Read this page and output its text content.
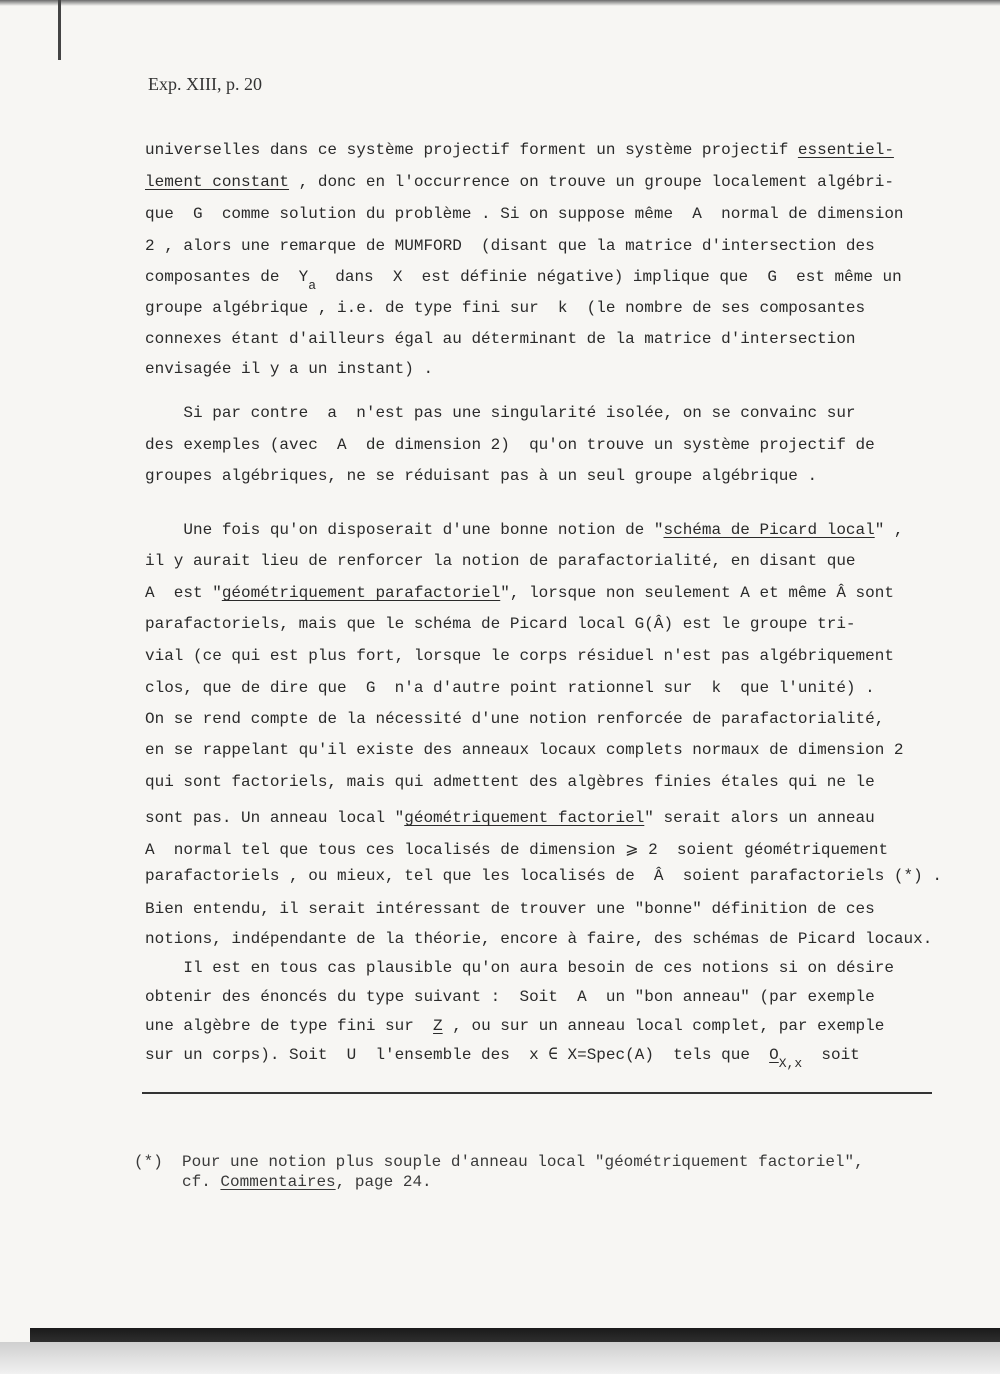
Exp. XIII, p. 20
universelles dans ce système projectif forment un système projectif essentiel-
lement constant , donc en l'occurrence on trouve un groupe localement algébri-
que  G  comme solution du problème . Si on suppose même  A  normal de dimension
2 , alors une remarque de MUMFORD  (disant que la matrice d'intersection des
composantes de  $Y_a$  dans  X  est définie négative) implique que  G  est même un
groupe algébrique , i.e. de type fini sur  k  (le nombre de ses composantes
connexes étant d'ailleurs égal au déterminant de la matrice d'intersection
envisagée il y a un instant) .
Si par contre  a  n'est pas une singularité isolée, on se convainc sur
des exemples (avec  A  de dimension 2)  qu'on trouve un système projectif de
groupes algébriques, ne se réduisant pas à un seul groupe algébrique .
Une fois qu'on disposerait d'une bonne notion de "schéma de Picard local" ,
il y aurait lieu de renforcer la notion de parafactorialité, en disant que
A  est "géométriquement parafactoriel", lorsque non seulement A et même Â sont
parafactoriels, mais que le schéma de Picard local G(Â) est le groupe tri-
vial (ce qui est plus fort, lorsque le corps résiduel n'est pas algébriquement
clos, que de dire que  G  n'a d'autre point rationnel sur  k  que l'unité) .
On se rend compte de la nécessité d'une notion renforcée de parafactorialité,
en se rappelant qu'il existe des anneaux locaux complets normaux de dimension 2
qui sont factoriels, mais qui admettent des algèbres finies étales qui ne le
sont pas. Un anneau local "géométriquement factoriel" serait alors un anneau
A  normal tel que tous ces localisés de dimension ⩾ 2  soient géométriquement
parafactoriels , ou mieux, tel que les localisés de  Â  soient parafactoriels (*) .
Bien entendu, il serait intéressant de trouver une "bonne" définition de ces
notions, indépendante de la théorie, encore à faire, des schémas de Picard locaux.
Il est en tous cas plausible qu'on aura besoin de ces notions si on désire
obtenir des énoncés du type suivant :  Soit  A  un "bon anneau" (par exemple
une algèbre de type fini sur  Z , ou sur un anneau local complet, par exemple
sur un corps). Soit  U  l'ensemble des  x ∈ X=Spec(A)  tels que  $O_{X,x}$  soit
(*)  Pour une notion plus souple d'anneau local "géométriquement factoriel",
cf. Commentaires, page 24.
